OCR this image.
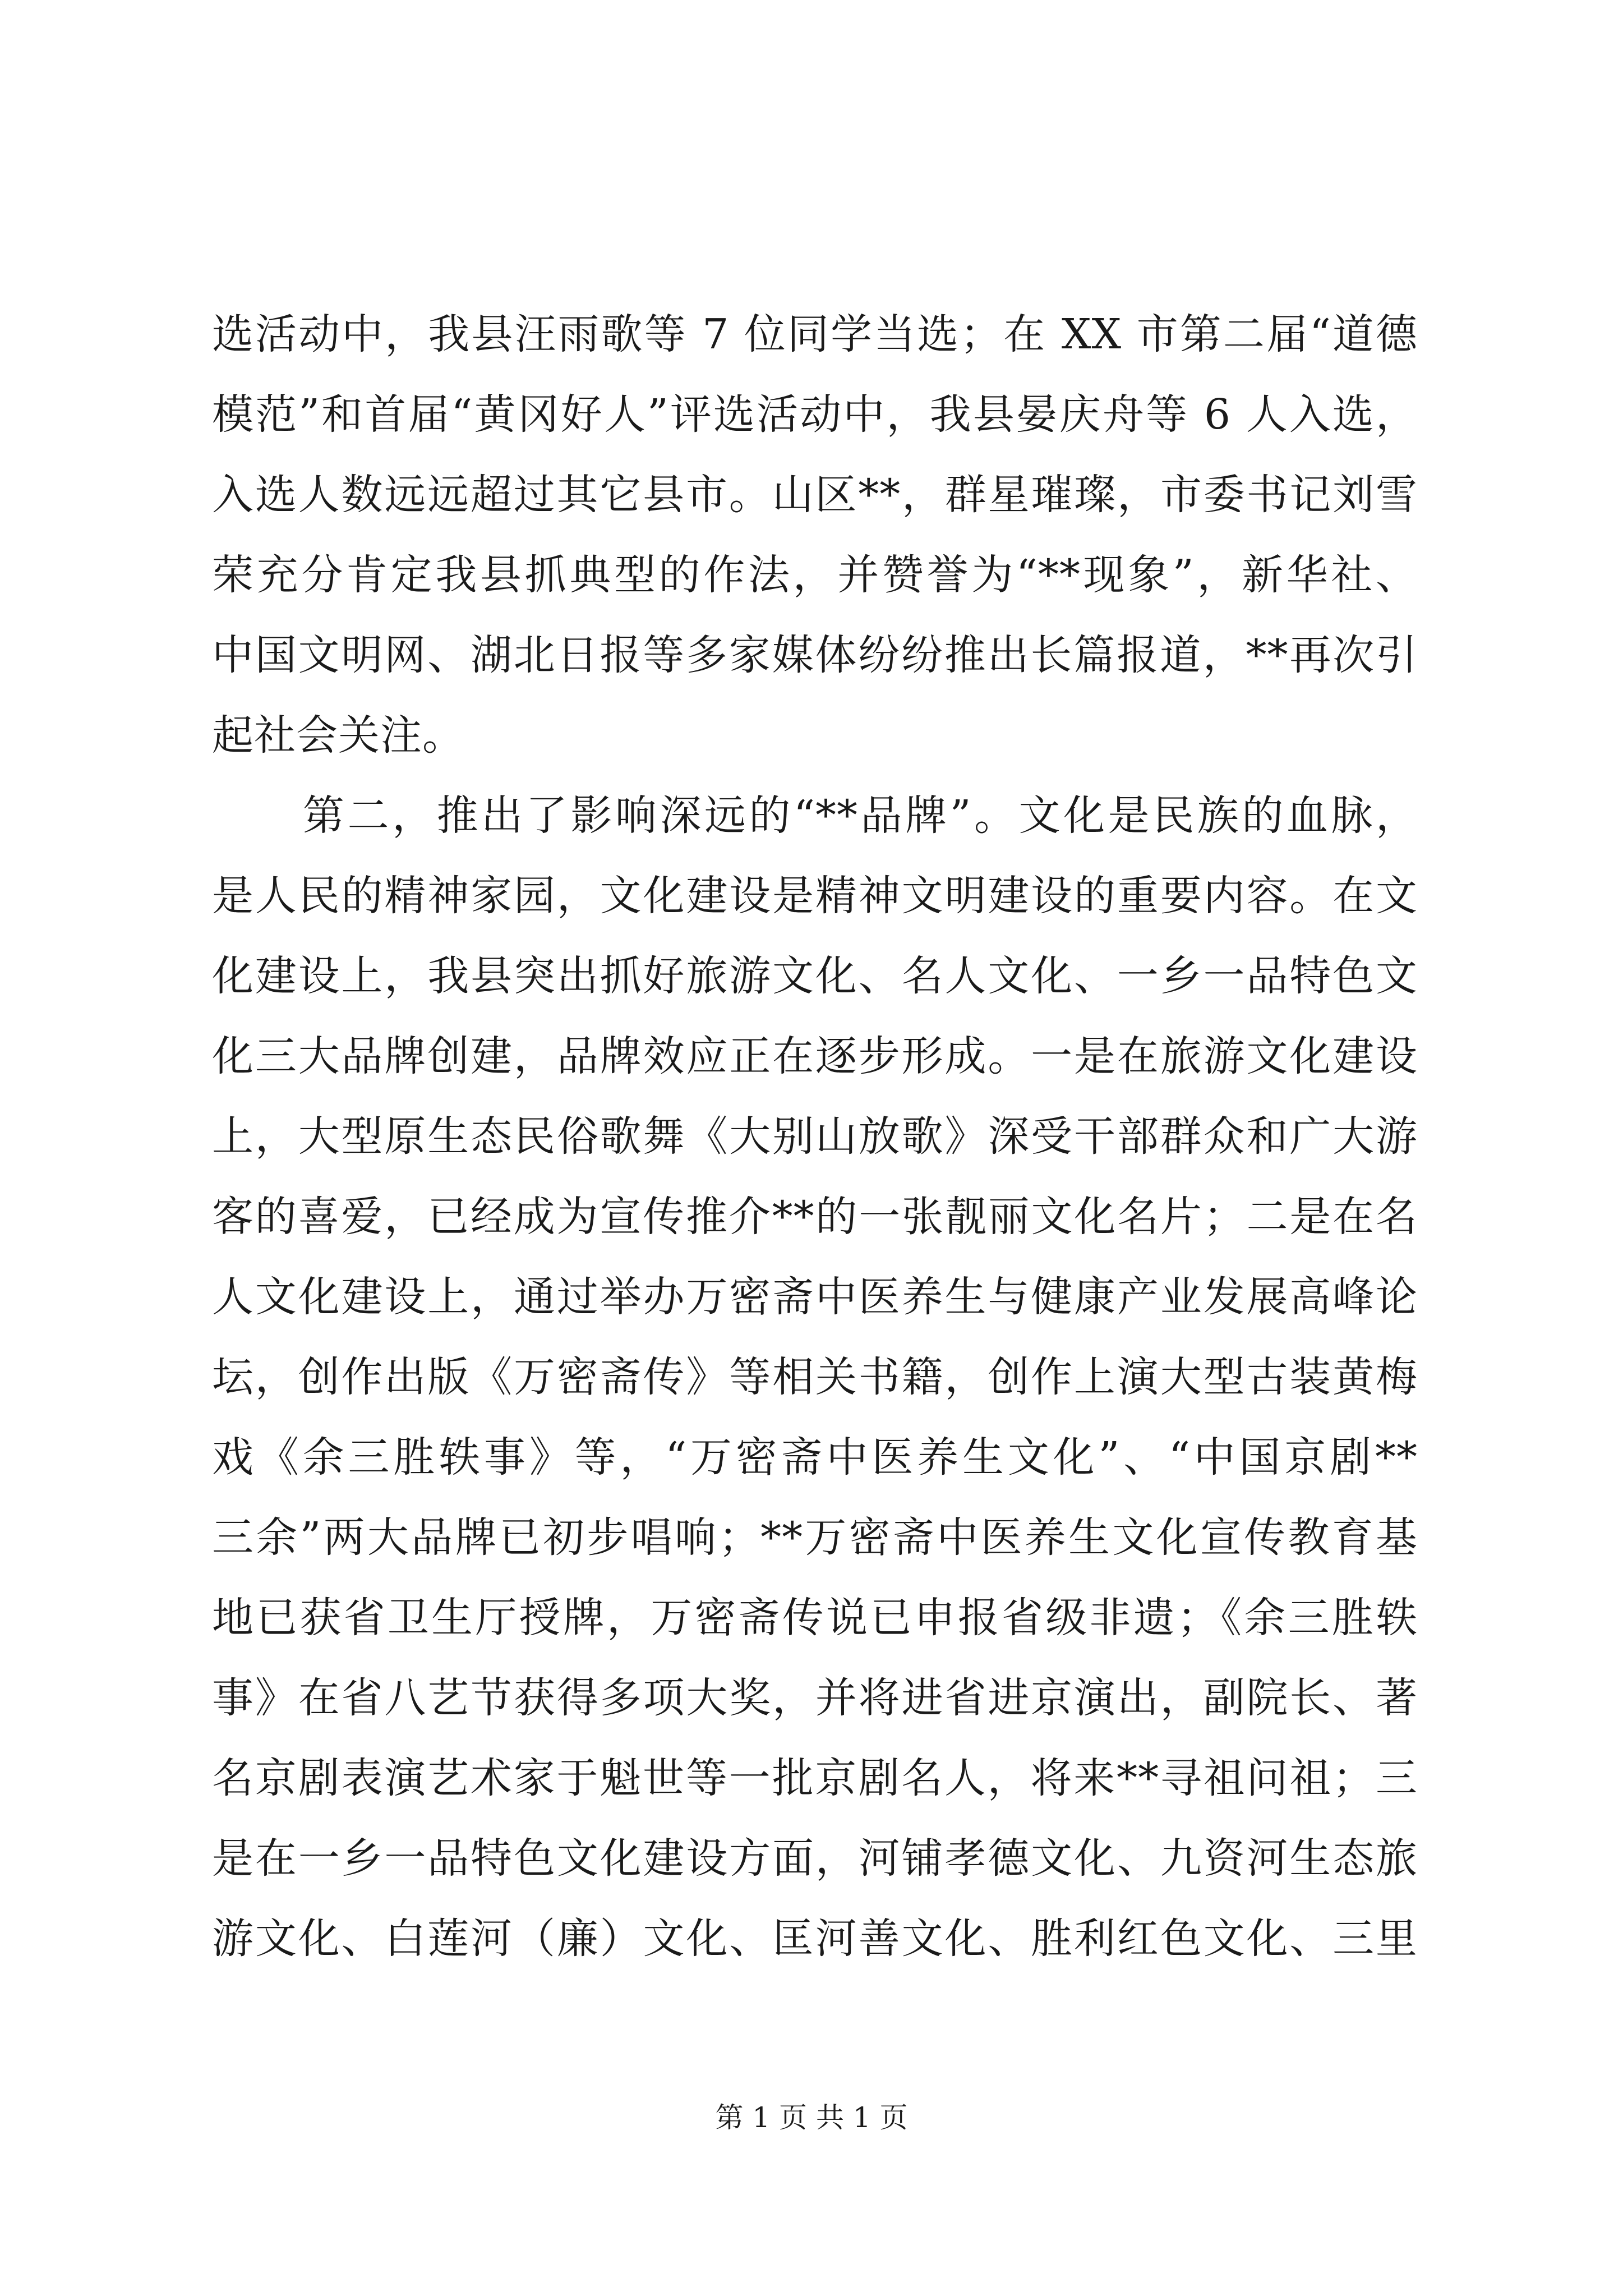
选活动中，我县汪雨歌等 7 位同学当选；在 XX 市第二届“道德
模范”和首届“黄冈好人”评选活动中，我县晏庆舟等 6 人入选，
入选人数远远超过其它县市。山区**，群星璀璨，市委书记刘雪
荣充分肯定我县抓典型的作法，并赞誉为“**现象”，新华社、
中国文明网、湖北日报等多家媒体纷纷推出长篇报道，**再次引
起社会关注。
第二，推出了影响深远的“**品牌”。文化是民族的血脉，
是人民的精神家园，文化建设是精神文明建设的重要内容。在文
化建设上，我县突出抓好旅游文化、名人文化、一乡一品特色文
化三大品牌创建，品牌效应正在逐步形成。一是在旅游文化建设
上，大型原生态民俗歌舞《大别山放歌》深受干部群众和广大游
客的喜爱，已经成为宣传推介**的一张靓丽文化名片；二是在名
人文化建设上，通过举办万密斋中医养生与健康产业发展高峰论
坛，创作出版《万密斋传》等相关书籍，创作上演大型古装黄梅
戏《余三胜轶事》等，“万密斋中医养生文化”、“中国京剧**
三余”两大品牌已初步唱响；**万密斋中医养生文化宣传教育基
地已获省卫生厅授牌，万密斋传说已申报省级非遗；《余三胜轶
事》在省八艺节获得多项大奖，并将进省进京演出，副院长、著
名京剧表演艺术家于魁世等一批京剧名人，将来**寻祖问祖；三
是在一乡一品特色文化建设方面，河铺孝德文化、九资河生态旅
游文化、白莲河（廉）文化、匡河善文化、胜利红色文化、三里
第 1 页 共 1 页
